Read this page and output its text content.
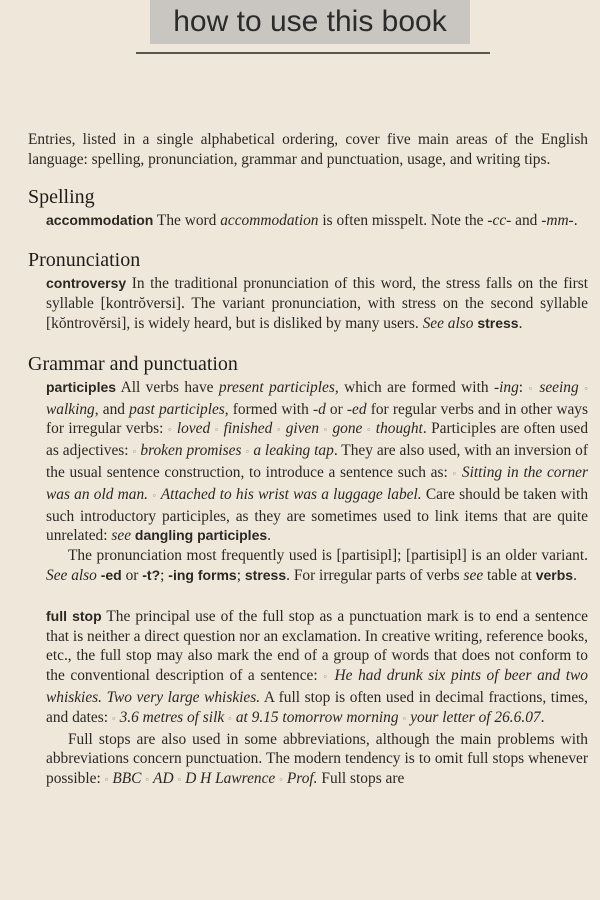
how to use this book

Entries, listed in a single alphabetical ordering, cover five main areas of the English language: spelling, pronunciation, grammar and punctuation, usage, and writing tips.

Spelling

accommodation The word accommodation is often misspelt. Note the -cc- and -mm-.

Pronunciation

controversy In the traditional pronunciation of this word, the stress falls on the first syllable [kontrŏversi]. The variant pronunciation, with stress on the second syllable [kŏntrovĕrsi], is widely heard, but is disliked by many users. See also stress.

Grammar and punctuation

participles All verbs have present participles, which are formed with -ing: ◦ seeing ◦ walking, and past participles, formed with -d or -ed for regular verbs and in other ways for irregular verbs: ◦ loved ◦ finished ◦ given ◦ gone ◦ thought. Participles are often used as adjectives: ◦ broken promises ◦ a leaking tap. They are also used, with an inversion of the usual sentence construction, to introduce a sentence such as: ◦ Sitting in the corner was an old man. ◦ Attached to his wrist was a luggage label. Care should be taken with such introductory participles, as they are sometimes used to link items that are quite unrelated: see dangling participles.

The pronunciation most frequently used is [partisipl]; [partisipl] is an older variant. See also -ed or -t?; -ing forms; stress. For irregular parts of verbs see table at verbs.

full stop The principal use of the full stop as a punctuation mark is to end a sentence that is neither a direct question nor an exclamation. In creative writing, reference books, etc., the full stop may also mark the end of a group of words that does not conform to the conventional description of a sentence: ◦ He had drunk six pints of beer and two whiskies. Two very large whiskies. A full stop is often used in decimal fractions, times, and dates: ◦ 3.6 metres of silk ◦ at 9.15 tomorrow morning ◦ your letter of 26.6.07.

Full stops are also used in some abbreviations, although the main problems with abbreviations concern punctuation. The modern tendency is to omit full stops whenever possible: ◦ BBC ◦ AD ◦ D H Lawrence ◦ Prof. Full stops are
